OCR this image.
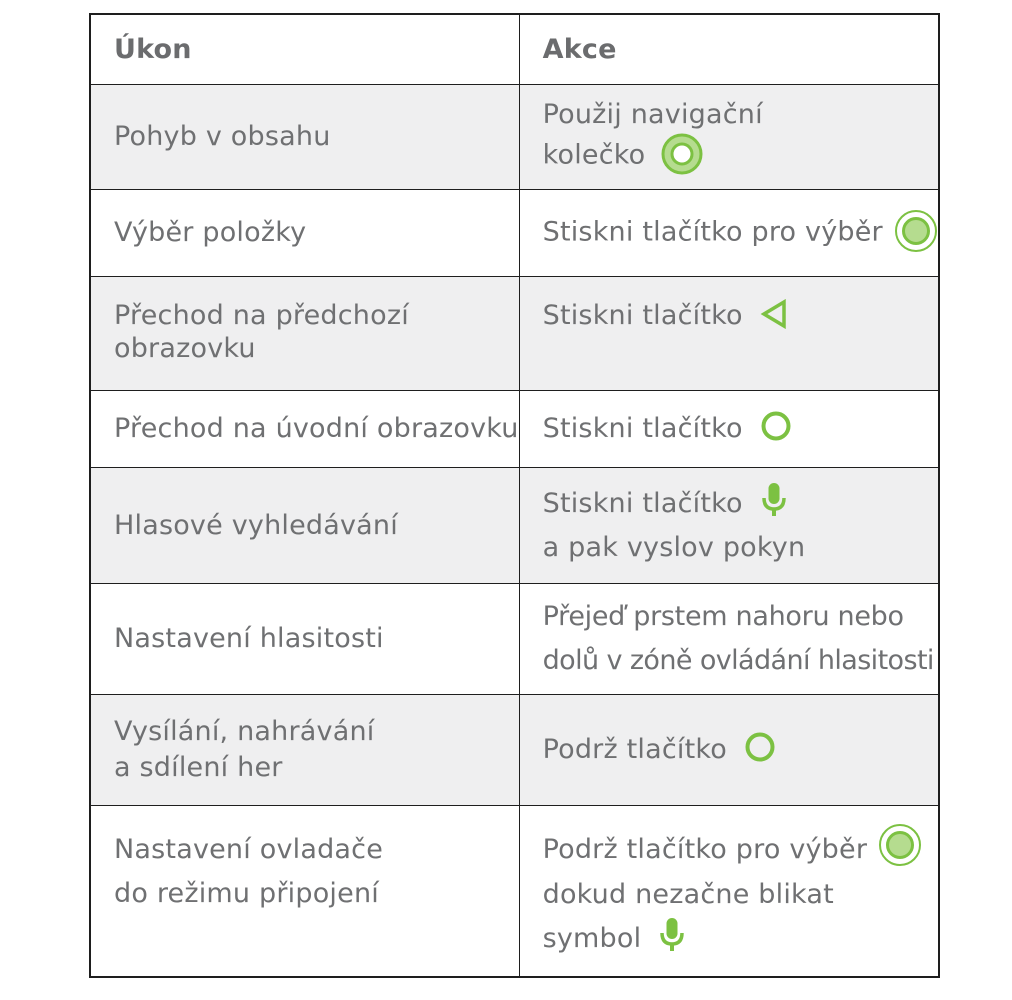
Úkon	Akce

Pohyb v obsahu	Použij navigační
kolečko

Výběr položky	Stiskni tlačítko pro výběr

Přechod na předchozí
obrazovku	Stiskni tlačítko

Přechod na úvodní obrazovku	Stiskni tlačítko

Hlasové vyhledávání	Stiskni tlačítko
a pak vyslov pokyn

Nastavení hlasitosti	Přejeď prstem nahoru nebo
dolů v zóně ovládání hlasitosti

Vysílání, nahrávání
a sdílení her	Podrž tlačítko

Nastavení ovladače
do režimu připojení	Podrž tlačítko pro výběr
dokud nezačne blikat
symbol
